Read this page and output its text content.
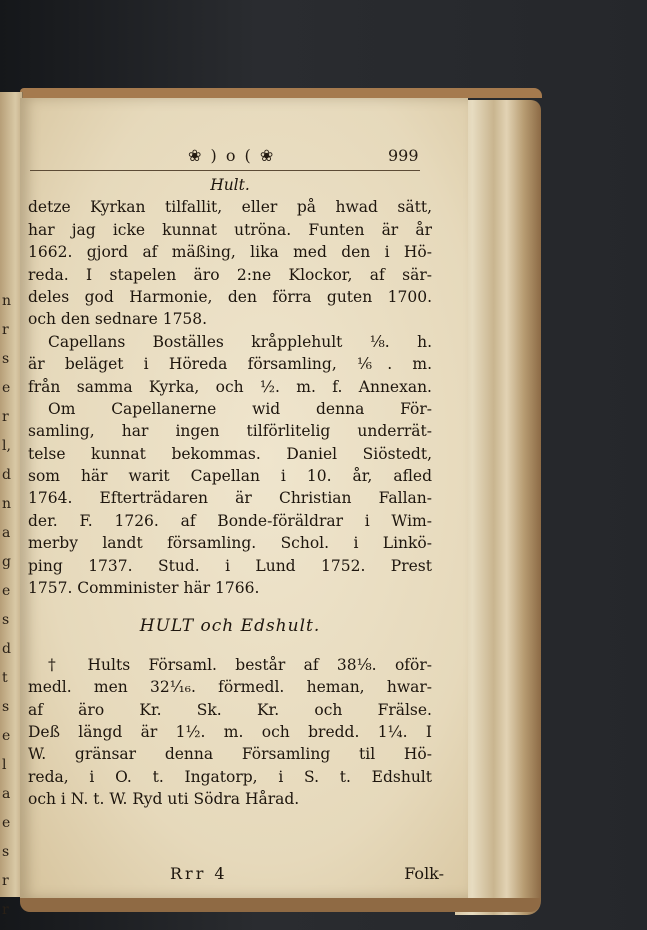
n
r
s
e
r
l,
d
n
a
g
e
s
d
t
s
e
l
a
e
s
r
r
❀ ) o ( ❀	999
Hult.
detze Kyrkan tilfallit, eller på hwad sätt,
har jag icke kunnat utröna. Funten är år
1662. gjord af mäßing, lika med den i Hö-
reda. I stapelen äro 2:ne Klockor, af sär-
deles god Harmonie, den förra guten 1700.
och den sednare 1758.
Capellans Boställes kråpplehult ⅛. h.
är beläget i Höreda församling, ⅙. m.
från samma Kyrka, och ½. m. f. Annexan.
Om Capellanerne wid denna För-
samling, har ingen tilförlitelig underrät-
telse kunnat bekommas. Daniel Siöstedt,
som här warit Capellan i 10. år, afled
1764. Efterträdaren är Christian Fallan-
der. F. 1726. af Bonde-föräldrar i Wim-
merby landt församling. Schol. i Linkö-
ping 1737. Stud. i Lund 1752. Prest
1757. Comminister här 1766.
HULT och Edshult.
† Hults Församl. består af 38⅛. oför-
medl. men 32⅟₁₆. förmedl. heman, hwar-
af äro Kr. Sk. Kr. och Frälse.
Deß längd är 1½. m. och bredd. 1¼. I
W. gränsar denna Församling til Hö-
reda, i O. t. Ingatorp, i S. t. Edshult
och i N. t. W. Ryd uti Södra Hårad.
Rrr 4	Folk-
